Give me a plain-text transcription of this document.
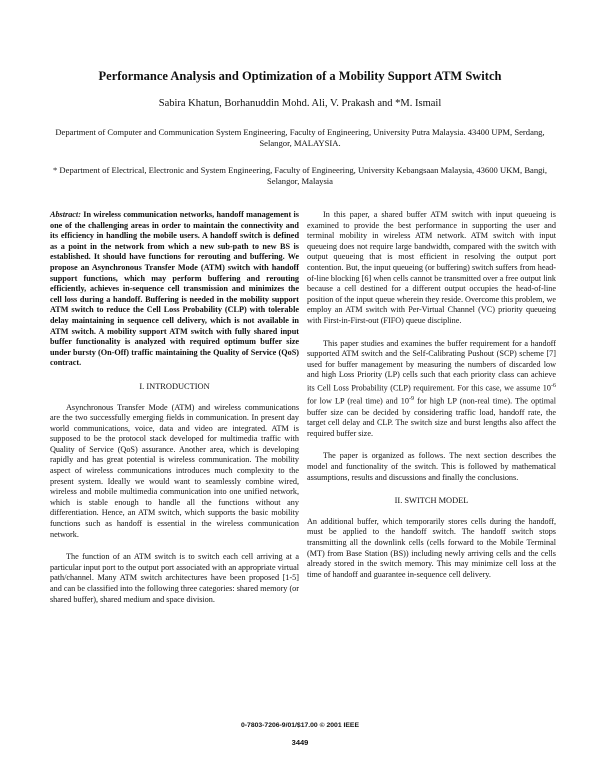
Performance Analysis and Optimization of a Mobility Support ATM Switch
Sabira Khatun, Borhanuddin Mohd. Ali, V. Prakash and *M. Ismail
Department of Computer and Communication System Engineering, Faculty of Engineering, University Putra Malaysia. 43400 UPM, Serdang, Selangor, MALAYSIA.
* Department of Electrical, Electronic and System Engineering, Faculty of Engineering, University Kebangsaan Malaysia, 43600 UKM, Bangi, Selangor, Malaysia

Abstract: In wireless communication networks, handoff management is one of the challenging areas in order to maintain the connectivity and its efficiency in handling the mobile users. A handoff switch is defined as a point in the network from which a new sub-path to new BS is established. It should have functions for rerouting and buffering. We propose an Asynchronous Transfer Mode (ATM) switch with handoff support functions, which may perform buffering and rerouting efficiently, achieves in-sequence cell transmission and minimizes the cell loss during a handoff. Buffering is needed in the mobility support ATM switch to reduce the Cell Loss Probability (CLP) with tolerable delay maintaining in sequence cell delivery, which is not available in ATM switch. A mobility support ATM switch with fully shared input buffer functionality is analyzed with required optimum buffer size under bursty (On-Off) traffic maintaining the Quality of Service (QoS) contract.

I. INTRODUCTION

Asynchronous Transfer Mode (ATM) and wireless communications are the two successfully emerging fields in communication. In present day world communications, voice, data and video are integrated. ATM is supposed to be the protocol stack developed for multimedia traffic with Quality of Service (QoS) assurance. Another area, which is developing rapidly and has great potential is wireless communication. The mobility aspect of wireless communications introduces much complexity to the present system. Ideally we would want to seamlessly combine wired, wireless and mobile multimedia communication into one unified network, which is stable enough to handle all the functions without any differentiation. Hence, an ATM switch, which supports the basic mobility functions such as handoff is essential in the wireless communication network.

The function of an ATM switch is to switch each cell arriving at a particular input port to the output port associated with an appropriate virtual path/channel. Many ATM switch architectures have been proposed [1-5] and can be classified into the following three categories: shared memory (or shared buffer), shared medium and space division.

In this paper, a shared buffer ATM switch with input queueing is examined to provide the best performance in supporting the user and terminal mobility in wireless ATM network. ATM switch with input queueing does not require large bandwidth, compared with the switch with output queueing that is most efficient in resolving the output port contention. But, the input queueing (or buffering) switch suffers from head-of-line blocking [6] when cells cannot be transmitted over a free output link because a cell destined for a different output occupies the head-of-line position of the input queue wherein they reside. Overcome this problem, we employ an ATM switch with Per-Virtual Channel (VC) priority queueing with First-in-First-out (FIFO) queue discipline.

This paper studies and examines the buffer requirement for a handoff supported ATM switch and the Self-Calibrating Pushout (SCP) scheme [7] used for buffer management by measuring the numbers of discarded low and high Loss Priority (LP) cells such that each priority class can achieve its Cell Loss Probability (CLP) requirement. For this case, we assume $10^{-6}$ for low LP (real time) and $10^{-9}$ for high LP (non-real time). The optimal buffer size can be decided by considering traffic load, handoff rate, the target cell delay and CLP. The switch size and burst lengths also affect the required buffer size.

The paper is organized as follows. The next section describes the model and functionality of the switch. This is followed by mathematical assumptions, results and discussions and finally the conclusions.

II. SWITCH MODEL

An additional buffer, which temporarily stores cells during the handoff, must be applied to the handoff switch. The handoff switch stops transmitting all the downlink cells (cells forward to the Mobile Terminal (MT) from Base Station (BS)) including newly arriving cells and the cells already stored in the switch memory. This may minimize cell loss at the time of handoff and guarantee in-sequence cell delivery.

0-7803-7206-9/01/$17.00 © 2001 IEEE
3449
